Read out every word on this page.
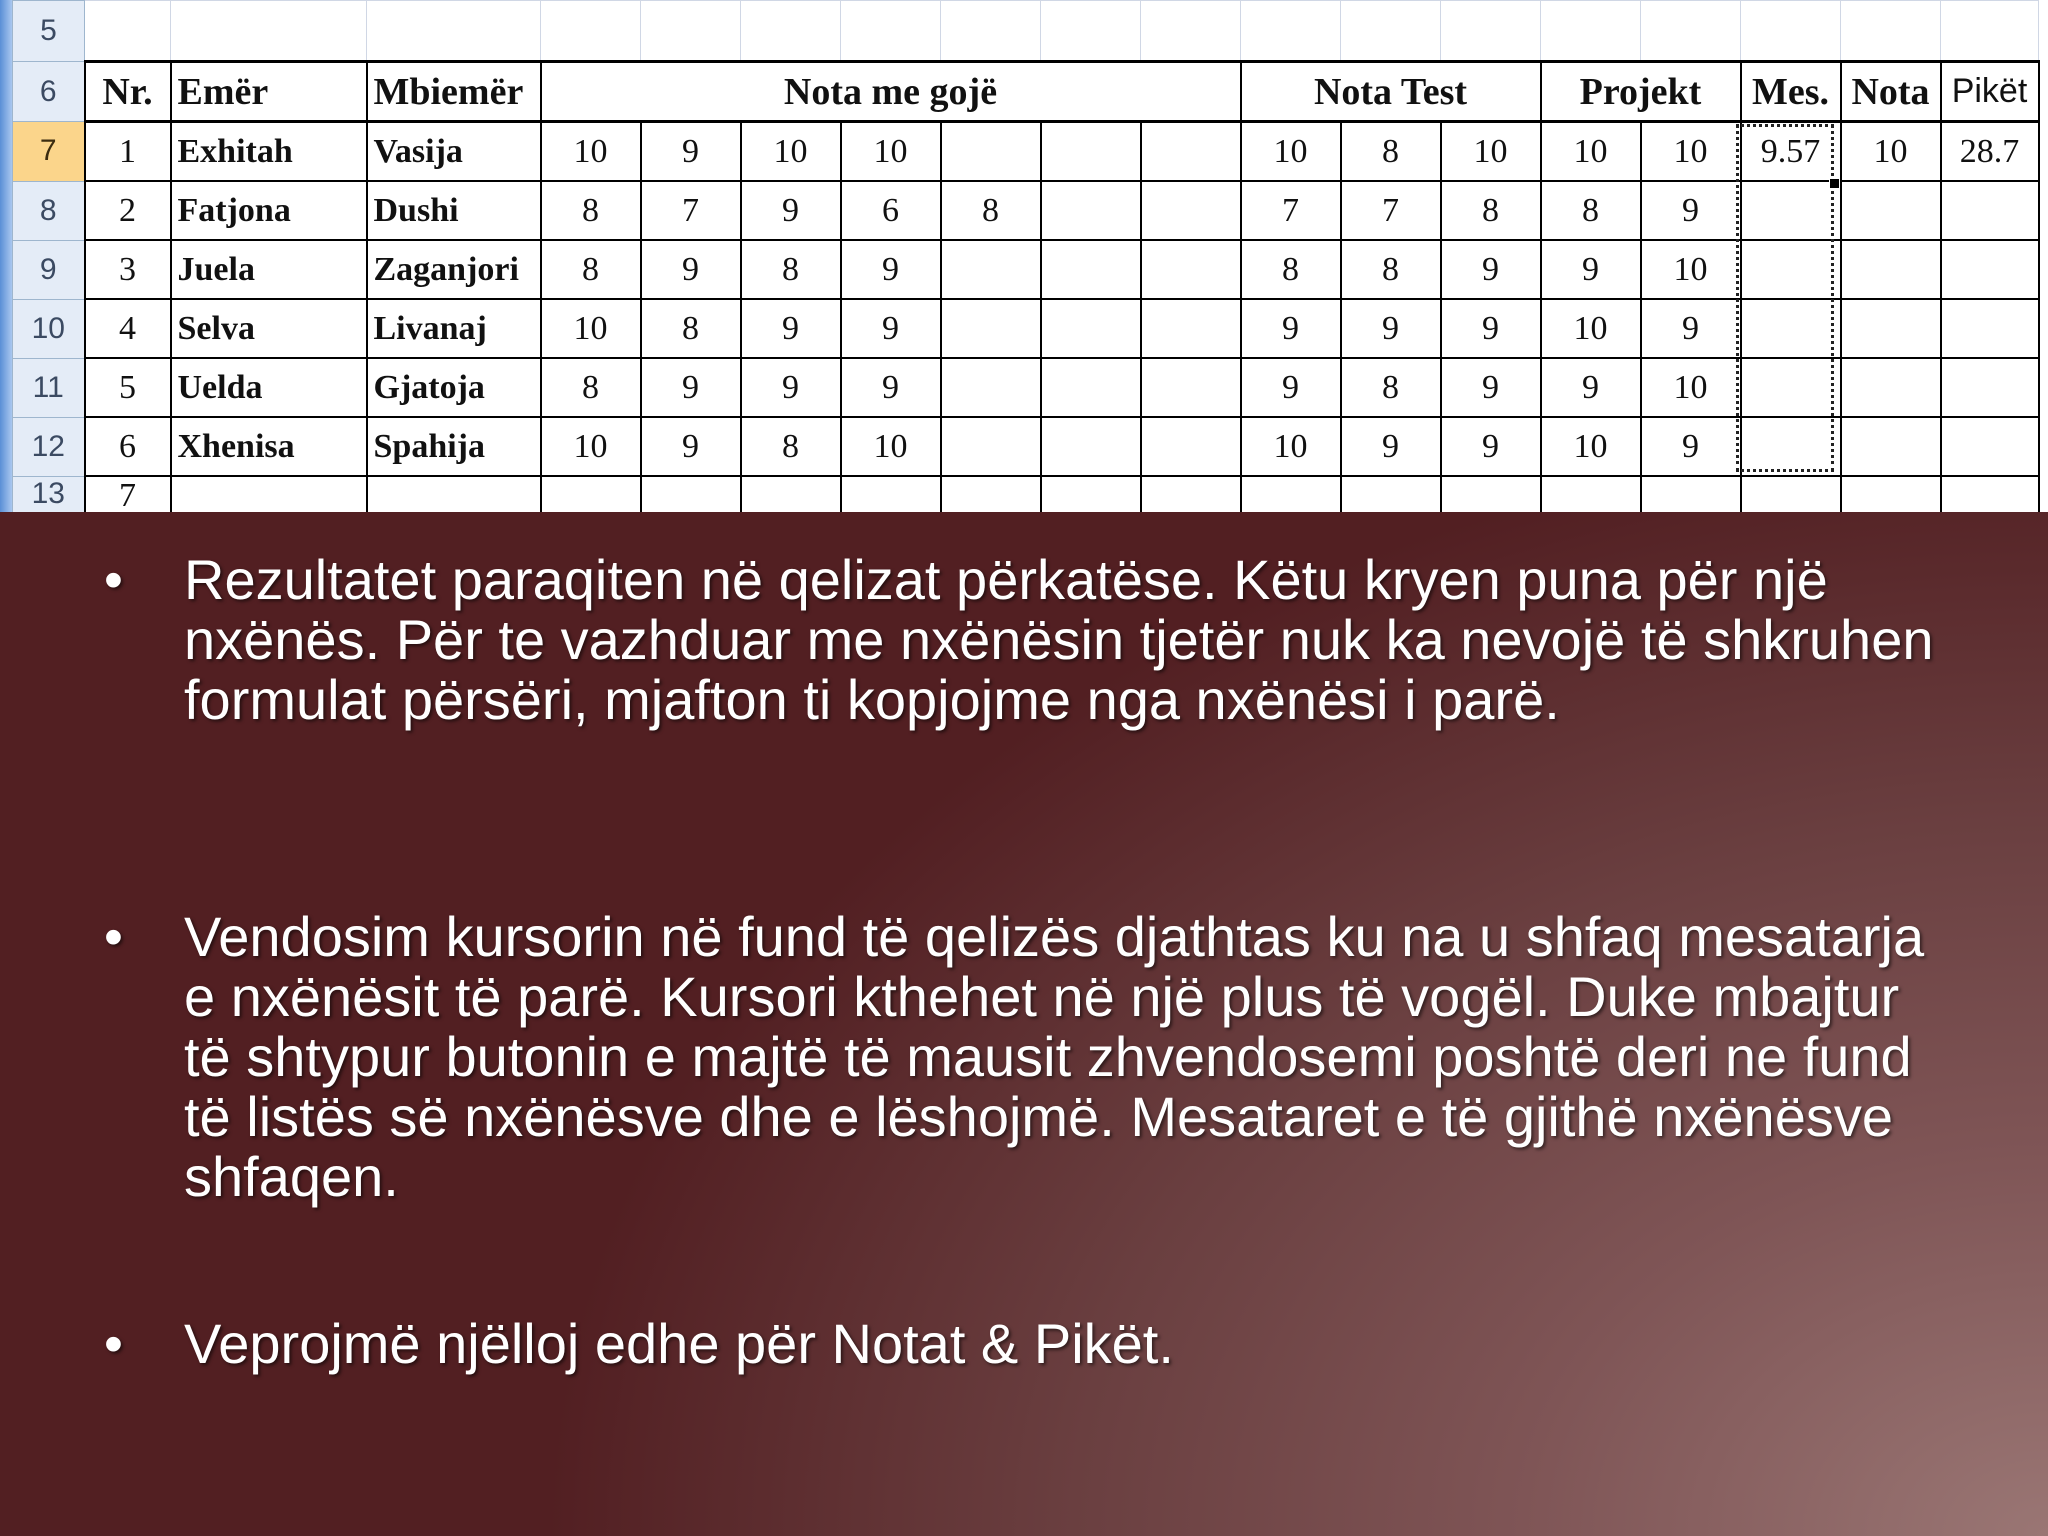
5																		
6	Nr.	Emër	Mbiemër	Nota me gojë							Nota Test			Projekt		Mes.	Nota	Pikët
7	1	Exhitah	Vasija	10	9	10	10				10	8	10	10	10	9.57	10	28.7
8	2	Fatjona	Dushi	8	7	9	6	8			7	7	8	8	9			
9	3	Juela	Zaganjori	8	9	8	9				8	8	9	9	10			
10	4	Selva	Livanaj	10	8	9	9				9	9	9	10	9			
11	5	Uelda	Gjatoja	8	9	9	9				9	8	9	9	10			
12	6	Xhenisa	Spahija	10	9	8	10				10	9	9	10	9			
13	7																	
• Rezultatet paraqiten në qelizat përkatëse. Këtu kryen puna për një nxënës. Për te vazhduar me nxënësin tjetër nuk ka nevojë të shkruhen formulat përsëri, mjafton ti kopjojme nga nxënësi i parë.
• Vendosim kursorin në fund të qelizës djathtas ku na u shfaq mesatarja e nxënësit të parë. Kursori kthehet në një plus të vogël. Duke mbajtur të shtypur butonin e majtë të mausit zhvendosemi poshtë deri ne fund të listës së nxënësve dhe e lëshojmë. Mesataret e të gjithë nxënësve shfaqen.
• Veprojmë njëlloj edhe për Notat & Pikët.
